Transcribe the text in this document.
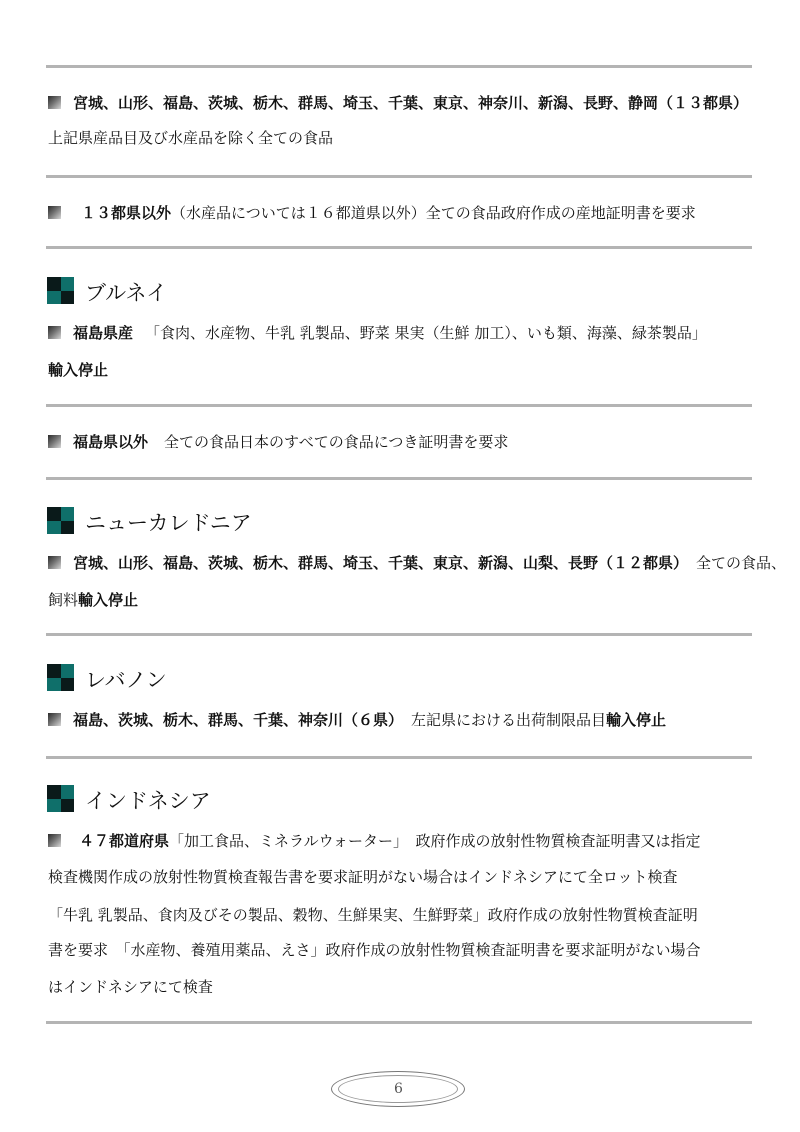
宮城、山形、福島、茨城、栃木、群馬、埼玉、千葉、東京、神奈川、新潟、長野、静岡（１３都県）
上記県産品目及び水産品を除く全ての食品
１３都県以外（水産品については１６都道県以外）全ての食品政府作成の産地証明書を要求
ブルネイ
福島県産 「食肉、水産物、牛乳 乳製品、野菜 果実（生鮮 加工）、いも類、海藻、緑茶製品」
輸入停止
福島県以外 全ての食品日本のすべての食品につき証明書を要求
ニューカレドニア
宮城、山形、福島、茨城、栃木、群馬、埼玉、千葉、東京、新潟、山梨、長野（１２都県） 全ての食品、
飼料輸入停止
レバノン
福島、茨城、栃木、群馬、千葉、神奈川（６県） 左記県における出荷制限品目輸入停止
インドネシア
４７都道府県「加工食品、ミネラルウォーター」　政府作成の放射性物質検査証明書又は指定
検査機関作成の放射性物質検査報告書を要求証明がない場合はインドネシアにて全ロット検査
「牛乳 乳製品、食肉及びその製品、穀物、生鮮果実、生鮮野菜」政府作成の放射性物質検査証明
書を要求　「水産物、養殖用薬品、えさ」政府作成の放射性物質検査証明書を要求証明がない場合
はインドネシアにて検査
6
